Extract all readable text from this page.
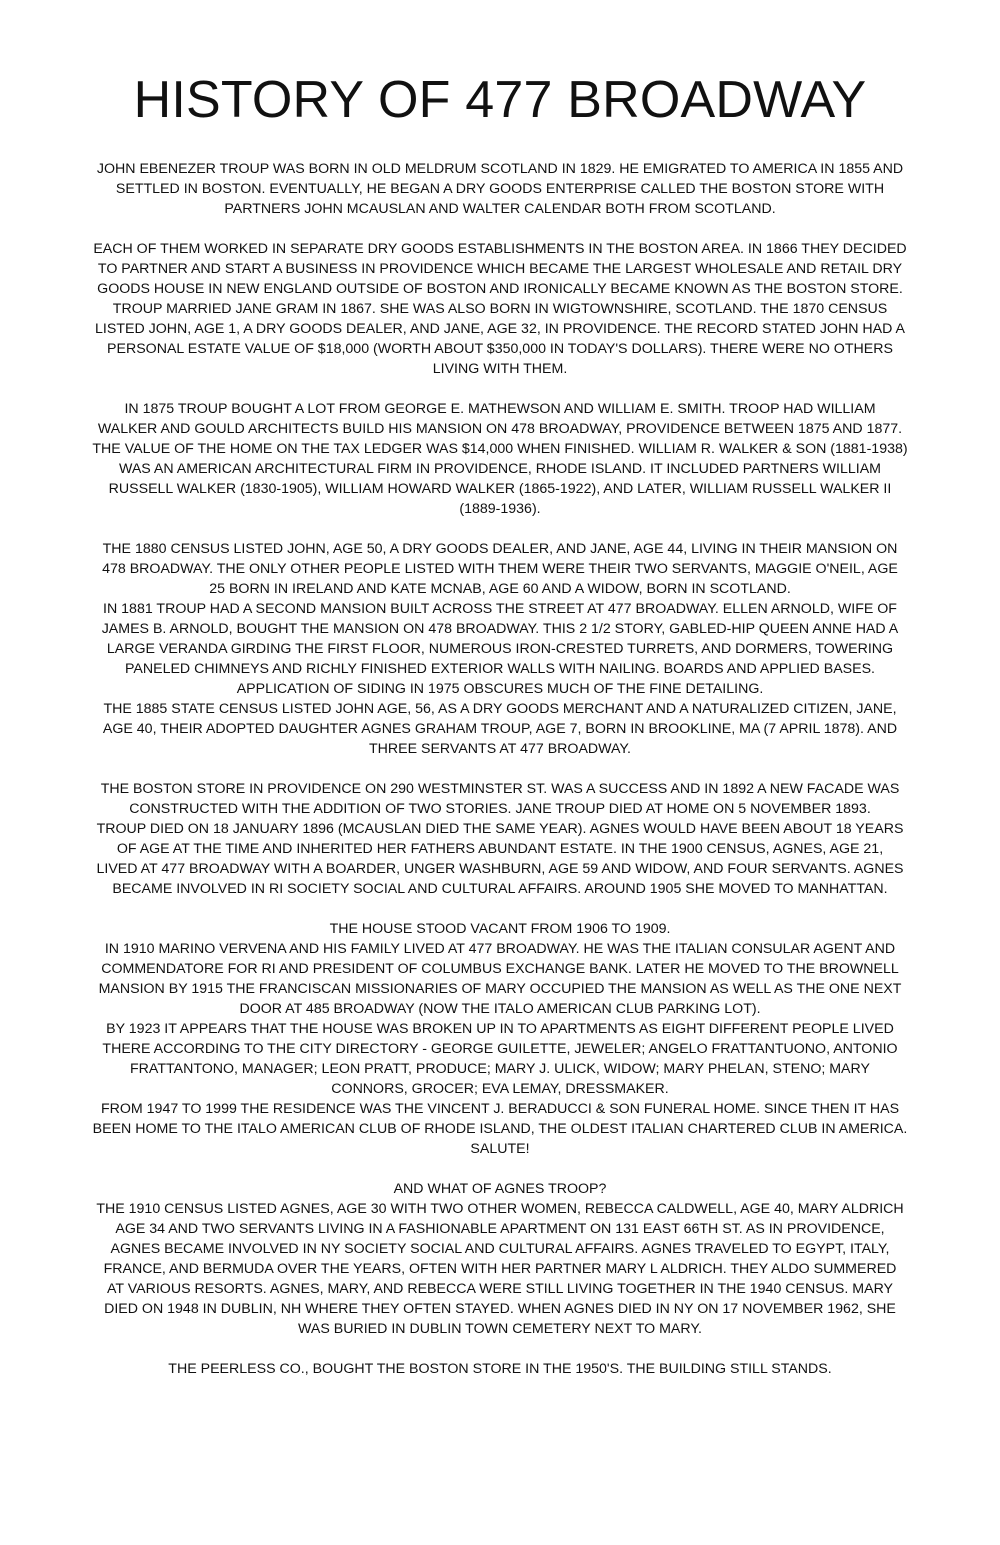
HISTORY OF 477 BROADWAY
JOHN EBENEZER TROUP WAS BORN IN OLD MELDRUM SCOTLAND IN 1829. HE EMIGRATED TO AMERICA IN 1855 AND
SETTLED IN BOSTON. EVENTUALLY, HE BEGAN A DRY GOODS ENTERPRISE CALLED THE BOSTON STORE WITH
PARTNERS JOHN MCAUSLAN AND WALTER CALENDAR BOTH FROM SCOTLAND.
EACH OF THEM WORKED IN SEPARATE DRY GOODS ESTABLISHMENTS IN THE BOSTON AREA. IN 1866 THEY DECIDED
TO PARTNER AND START A BUSINESS IN PROVIDENCE WHICH BECAME THE LARGEST WHOLESALE AND RETAIL DRY
GOODS HOUSE IN NEW ENGLAND OUTSIDE OF BOSTON AND IRONICALLY BECAME KNOWN AS THE BOSTON STORE.
TROUP MARRIED JANE GRAM IN 1867. SHE WAS ALSO BORN IN WIGTOWNSHIRE, SCOTLAND. THE 1870 CENSUS
LISTED JOHN, AGE 1, A DRY GOODS DEALER, AND JANE, AGE 32, IN PROVIDENCE. THE RECORD STATED JOHN HAD A
PERSONAL ESTATE VALUE OF $18,000 (WORTH ABOUT $350,000 IN TODAY'S DOLLARS). THERE WERE NO OTHERS
LIVING WITH THEM.
IN 1875 TROUP BOUGHT A LOT FROM GEORGE E. MATHEWSON AND WILLIAM E. SMITH. TROOP HAD WILLIAM
WALKER AND GOULD ARCHITECTS BUILD HIS MANSION ON 478 BROADWAY, PROVIDENCE BETWEEN 1875 AND 1877.
THE VALUE OF THE HOME ON THE TAX LEDGER WAS $14,000 WHEN FINISHED. WILLIAM R. WALKER & SON (1881-1938)
WAS AN AMERICAN ARCHITECTURAL FIRM IN PROVIDENCE, RHODE ISLAND. IT INCLUDED PARTNERS WILLIAM
RUSSELL WALKER (1830-1905), WILLIAM HOWARD WALKER (1865-1922), AND LATER, WILLIAM RUSSELL WALKER II
(1889-1936).
THE 1880 CENSUS LISTED JOHN, AGE 50, A DRY GOODS DEALER, AND JANE, AGE 44, LIVING IN THEIR MANSION ON
478 BROADWAY. THE ONLY OTHER PEOPLE LISTED WITH THEM WERE THEIR TWO SERVANTS, MAGGIE O'NEIL, AGE
25 BORN IN IRELAND AND KATE MCNAB, AGE 60 AND A WIDOW, BORN IN SCOTLAND.
IN 1881 TROUP HAD A SECOND MANSION BUILT ACROSS THE STREET AT 477 BROADWAY. ELLEN ARNOLD, WIFE OF
JAMES B. ARNOLD, BOUGHT THE MANSION ON 478 BROADWAY. THIS 2 1/2 STORY, GABLED-HIP QUEEN ANNE HAD A
LARGE VERANDA GIRDING THE FIRST FLOOR, NUMEROUS IRON-CRESTED TURRETS, AND DORMERS, TOWERING
PANELED CHIMNEYS AND RICHLY FINISHED EXTERIOR WALLS WITH NAILING. BOARDS AND APPLIED BASES.
APPLICATION OF SIDING IN 1975 OBSCURES MUCH OF THE FINE DETAILING.
THE 1885 STATE CENSUS LISTED JOHN AGE, 56, AS A DRY GOODS MERCHANT AND A NATURALIZED CITIZEN, JANE,
AGE 40, THEIR ADOPTED DAUGHTER AGNES GRAHAM TROUP, AGE 7, BORN IN BROOKLINE, MA (7 APRIL 1878). AND
THREE SERVANTS AT 477 BROADWAY.
THE BOSTON STORE IN PROVIDENCE ON 290 WESTMINSTER ST. WAS A SUCCESS AND IN 1892 A NEW FACADE WAS
CONSTRUCTED WITH THE ADDITION OF TWO STORIES. JANE TROUP DIED AT HOME ON 5 NOVEMBER 1893.
TROUP DIED ON 18 JANUARY 1896 (MCAUSLAN DIED THE SAME YEAR). AGNES WOULD HAVE BEEN ABOUT 18 YEARS
OF AGE AT THE TIME AND INHERITED HER FATHERS ABUNDANT ESTATE. IN THE 1900 CENSUS, AGNES, AGE 21,
LIVED AT 477 BROADWAY WITH A BOARDER, UNGER WASHBURN, AGE 59 AND WIDOW, AND FOUR SERVANTS. AGNES
BECAME INVOLVED IN RI SOCIETY SOCIAL AND CULTURAL AFFAIRS. AROUND 1905 SHE MOVED TO MANHATTAN.
THE HOUSE STOOD VACANT FROM 1906 TO 1909.
IN 1910 MARINO VERVENA AND HIS FAMILY LIVED AT 477 BROADWAY. HE WAS THE ITALIAN CONSULAR AGENT AND
COMMENDATORE FOR RI AND PRESIDENT OF COLUMBUS EXCHANGE BANK. LATER HE MOVED TO THE BROWNELL
MANSION BY 1915 THE FRANCISCAN MISSIONARIES OF MARY OCCUPIED THE MANSION AS WELL AS THE ONE NEXT
DOOR AT 485 BROADWAY (NOW THE ITALO AMERICAN CLUB PARKING LOT).
BY 1923 IT APPEARS THAT THE HOUSE WAS BROKEN UP IN TO APARTMENTS AS EIGHT DIFFERENT PEOPLE LIVED
THERE ACCORDING TO THE CITY DIRECTORY - GEORGE GUILETTE, JEWELER; ANGELO FRATTANTUONO, ANTONIO
FRATTANTONO, MANAGER; LEON PRATT, PRODUCE; MARY J. ULICK, WIDOW; MARY PHELAN, STENO; MARY
CONNORS, GROCER; EVA LEMAY, DRESSMAKER.
FROM 1947 TO 1999 THE RESIDENCE WAS THE VINCENT J. BERADUCCI & SON FUNERAL HOME. SINCE THEN IT HAS
BEEN HOME TO THE ITALO AMERICAN CLUB OF RHODE ISLAND, THE OLDEST ITALIAN CHARTERED CLUB IN AMERICA.
SALUTE!
AND WHAT OF AGNES TROOP?
THE 1910 CENSUS LISTED AGNES, AGE 30 WITH TWO OTHER WOMEN, REBECCA CALDWELL, AGE 40, MARY ALDRICH
AGE 34 AND TWO SERVANTS LIVING IN A FASHIONABLE APARTMENT ON 131 EAST 66TH ST. AS IN PROVIDENCE,
AGNES BECAME INVOLVED IN NY SOCIETY SOCIAL AND CULTURAL AFFAIRS. AGNES TRAVELED TO EGYPT, ITALY,
FRANCE, AND BERMUDA OVER THE YEARS, OFTEN WITH HER PARTNER MARY L ALDRICH. THEY ALDO SUMMERED
AT VARIOUS RESORTS. AGNES, MARY, AND REBECCA WERE STILL LIVING TOGETHER IN THE 1940 CENSUS. MARY
DIED ON 1948 IN DUBLIN, NH WHERE THEY OFTEN STAYED. WHEN AGNES DIED IN NY ON 17 NOVEMBER 1962, SHE
WAS BURIED IN DUBLIN TOWN CEMETERY NEXT TO MARY.
THE PEERLESS CO., BOUGHT THE BOSTON STORE IN THE 1950'S. THE BUILDING STILL STANDS.
